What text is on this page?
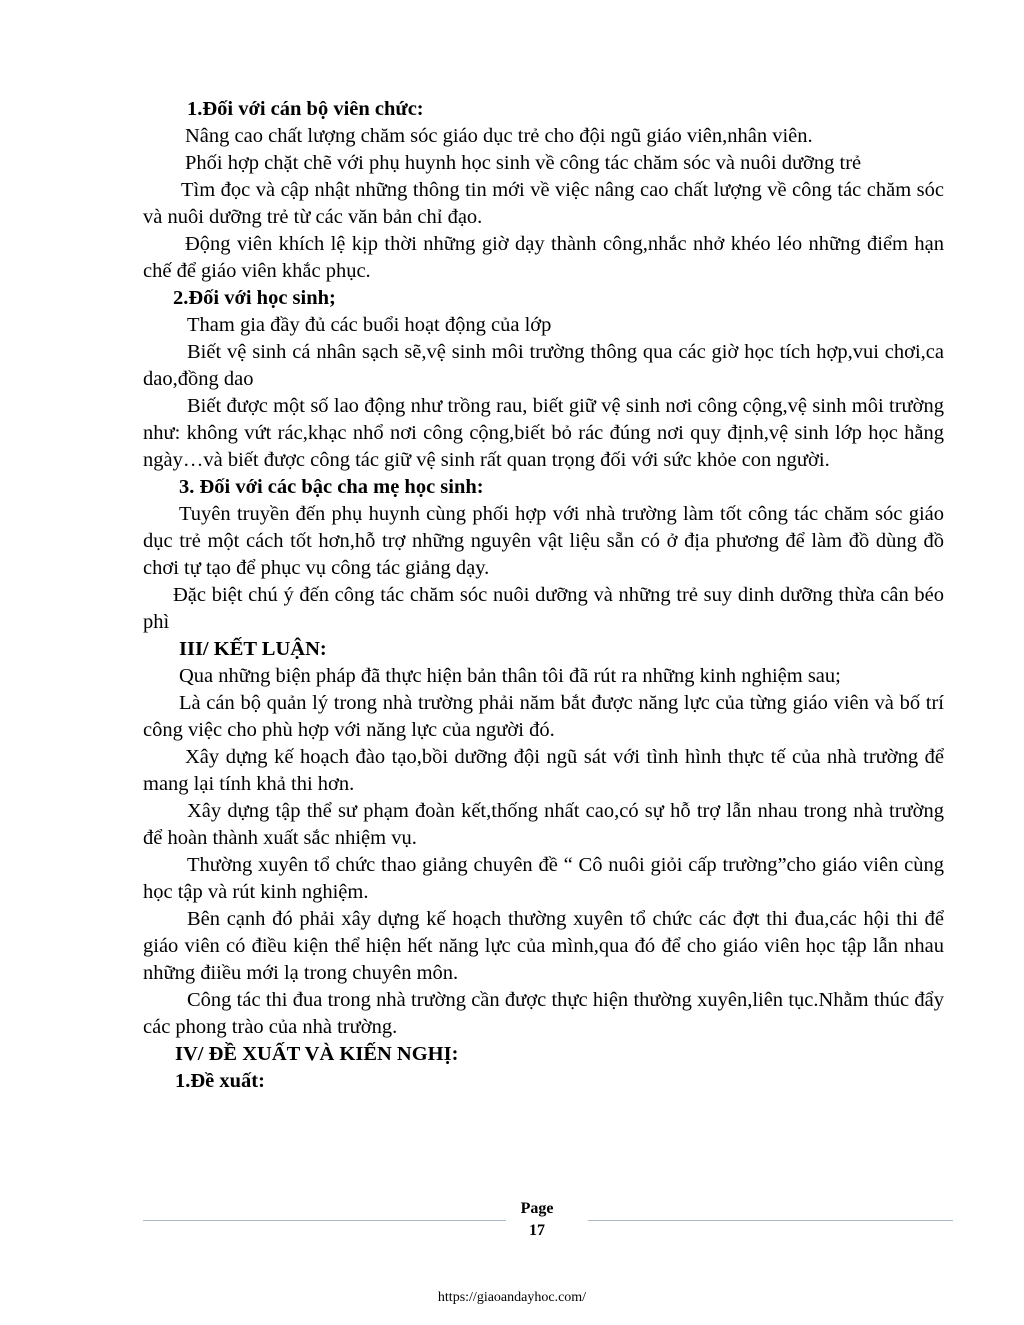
1.Đối với cán bộ viên chức:

Nâng cao chất lượng chăm sóc giáo dục trẻ cho đội ngũ giáo viên,nhân viên.

Phối hợp chặt chẽ với phụ huynh học sinh về công tác chăm sóc và nuôi dưỡng trẻ

Tìm đọc và cập nhật những thông tin mới về việc nâng cao chất lượng về công tác chăm sóc và nuôi dưỡng trẻ từ các văn bản chỉ đạo.

Động viên khích lệ kịp thời những giờ dạy thành công,nhắc nhở khéo léo những điểm hạn chế để giáo viên khắc phục.

2.Đối với học sinh;

Tham gia đầy đủ các buổi hoạt động của lớp

Biết vệ sinh cá nhân sạch sẽ,vệ sinh môi trường thông qua các giờ học tích hợp,vui chơi,ca dao,đồng dao

Biết được một số lao động như trồng rau, biết giữ vệ sinh nơi công cộng,vệ sinh môi trường như: không vứt rác,khạc nhổ nơi công cộng,biết bỏ rác đúng nơi quy định,vệ sinh lớp học hằng ngày…và biết được công tác giữ vệ sinh rất quan trọng đối với sức khỏe con người.

3. Đối với các bậc cha mẹ học sinh:

Tuyên truyền đến phụ huynh cùng phối hợp với nhà trường làm tốt công tác chăm sóc giáo dục trẻ một cách tốt hơn,hỗ trợ những nguyên vật liệu sẵn có ở địa phương để làm đồ dùng đồ chơi tự tạo để phục vụ công tác giảng dạy.

Đặc biệt chú ý đến công tác chăm sóc nuôi dưỡng và những trẻ suy dinh dưỡng thừa cân béo phì

III/ KẾT LUẬN:

Qua những biện pháp đã thực hiện bản thân tôi đã rút ra những kinh nghiệm sau;

Là cán bộ quản lý trong nhà trường phải năm bắt được năng lực của từng giáo viên và bố trí công việc cho phù hợp với năng lực của người đó.

Xây dựng kế hoạch đào tạo,bồi dưỡng đội ngũ sát với tình hình thực tế của nhà trường để mang lại tính khả thi hơn.

Xây dựng tập thể sư phạm đoàn kết,thống nhất cao,có sự hỗ trợ lẫn nhau trong nhà trường để hoàn thành xuất sắc nhiệm vụ.

Thường xuyên tổ chức thao giảng chuyên đề “ Cô nuôi giỏi cấp trường”cho giáo viên cùng học tập và rút kinh nghiệm.

Bên cạnh đó phải xây dựng kế hoạch thường xuyên tổ chức các đợt thi đua,các hội thi để giáo viên có điều kiện thể hiện hết năng lực của mình,qua đó để cho giáo viên học tập lẫn nhau những điiều mới lạ trong chuyên môn.

Công tác thi đua trong nhà trường cần được thực hiện thường xuyên,liên tục.Nhằm thúc đẩy các phong trào của nhà trường.

IV/ ĐỀ XUẤT VÀ KIẾN NGHỊ:

1.Đề xuất:

Page
17
https://giaoandayhoc.com/
